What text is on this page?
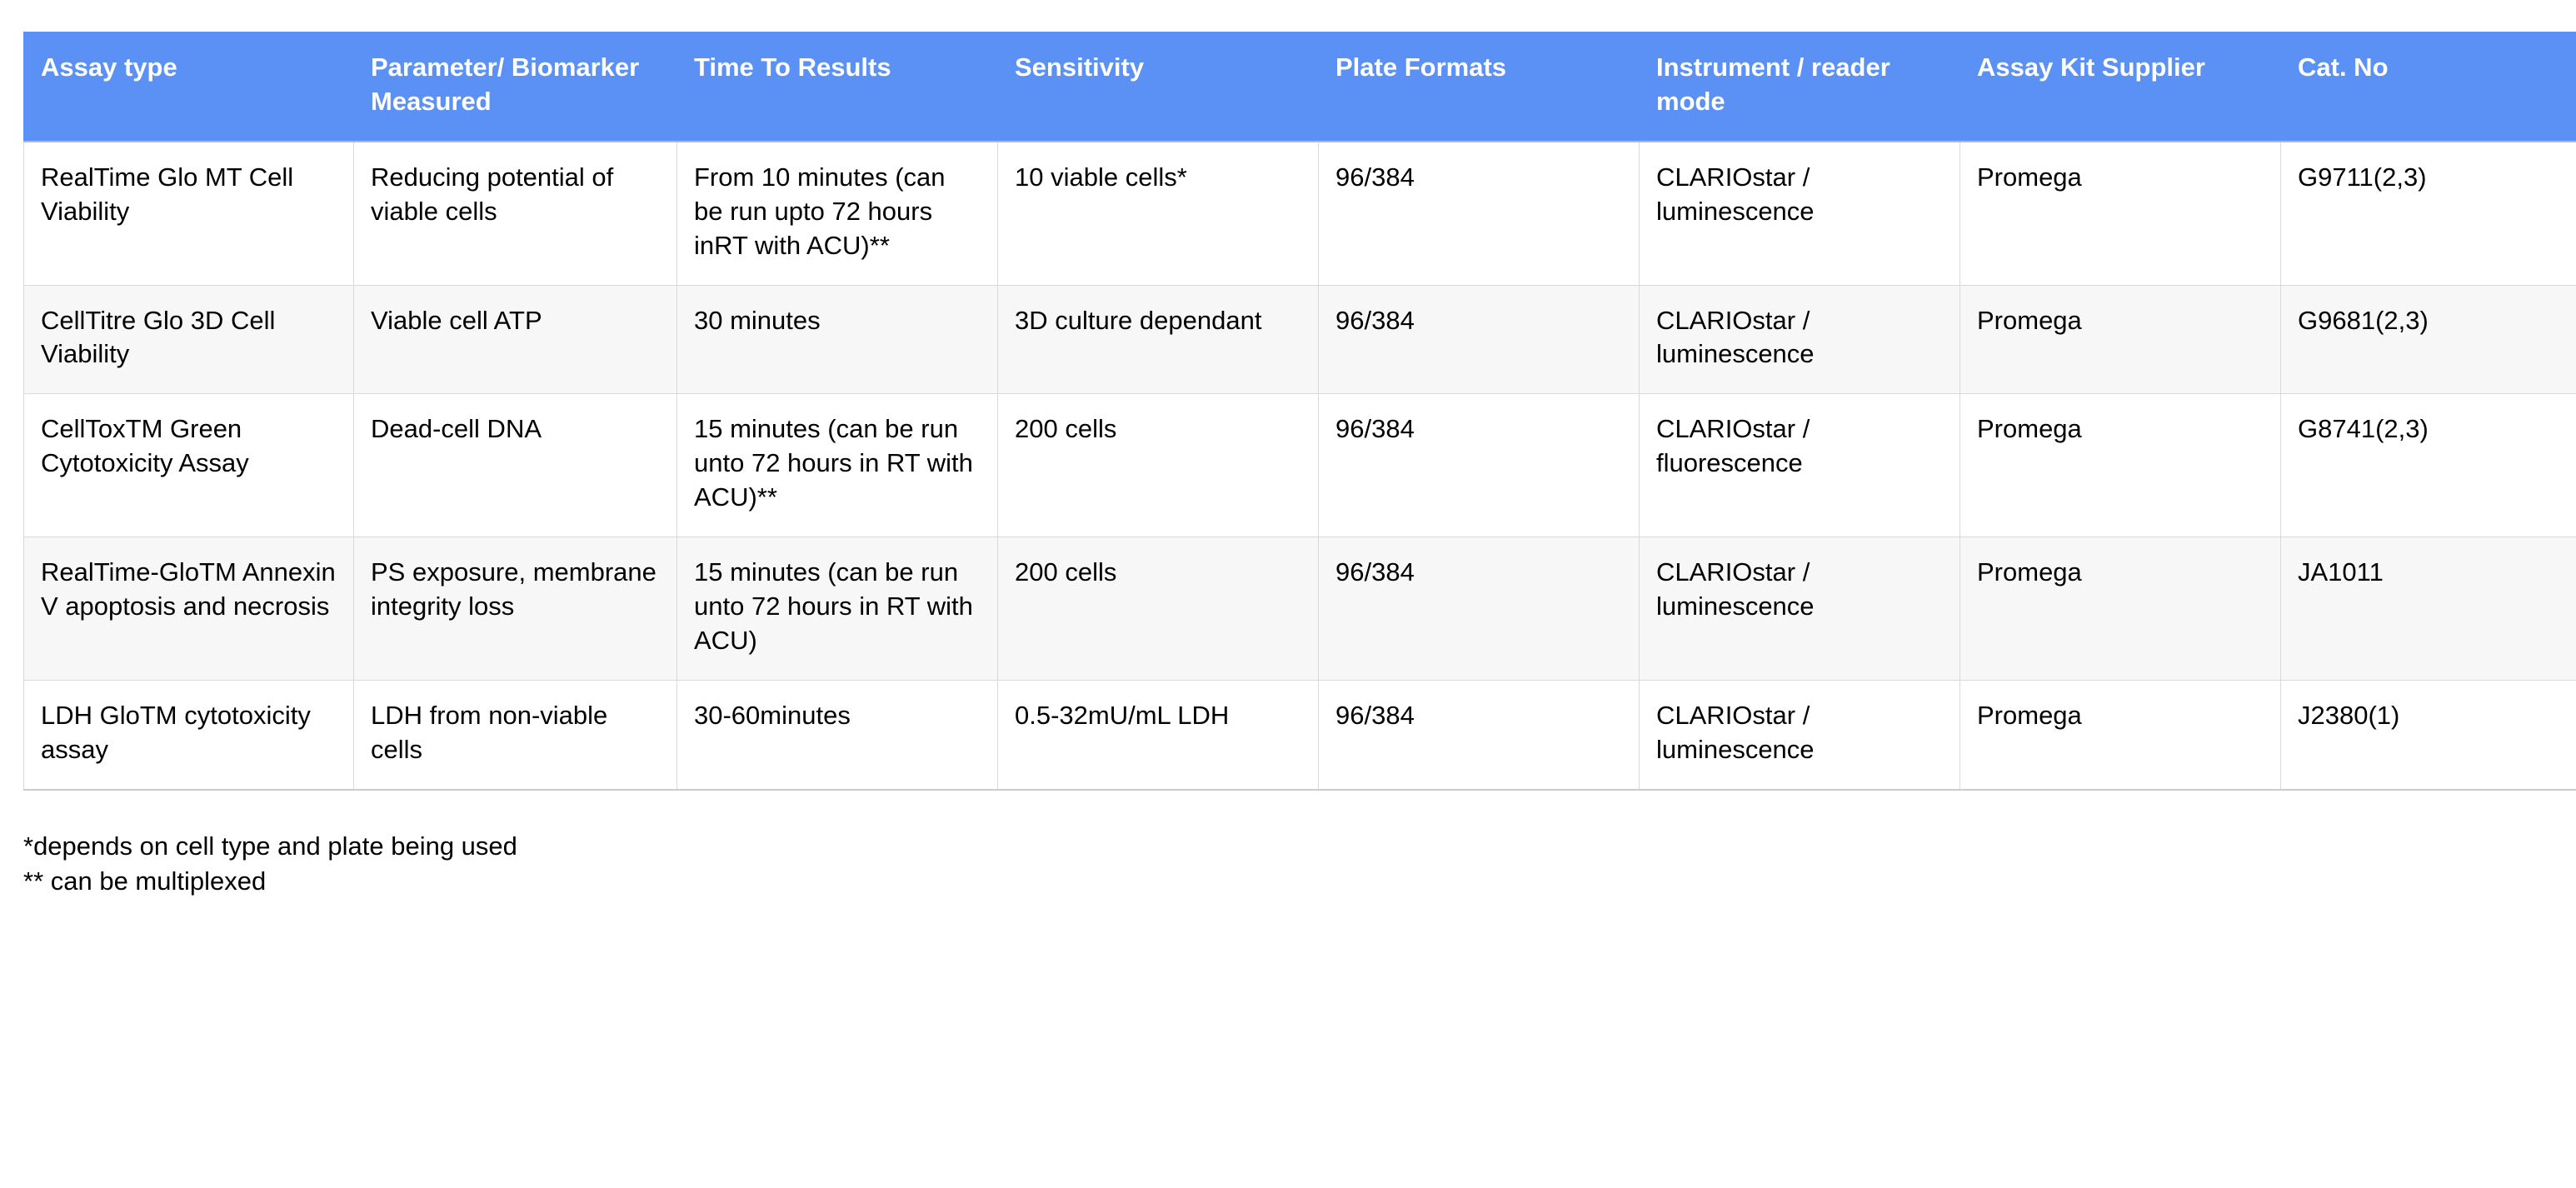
Assay type	Parameter/ Biomarker Measured	Time To Results	Sensitivity	Plate Formats	Instrument / reader mode	Assay Kit Supplier	Cat. No
RealTime Glo MT Cell Viability	Reducing potential of viable cells	From 10 minutes (can be run upto 72 hours inRT with ACU)**	10 viable cells*	96/384	CLARIOstar / luminescence	Promega	G9711(2,3)
CellTitre Glo 3D Cell Viability	Viable cell ATP	30 minutes	3D culture dependant	96/384	CLARIOstar / luminescence	Promega	G9681(2,3)
CellToxTM Green Cytotoxicity Assay	Dead-cell DNA	15 minutes (can be run unto 72 hours in RT with ACU)**	200 cells	96/384	CLARIOstar / fluorescence	Promega	G8741(2,3)
RealTime-GloTM Annexin V apoptosis and necrosis	PS exposure, membrane integrity loss	15 minutes (can be run unto 72 hours in RT with ACU)	200 cells	96/384	CLARIOstar / luminescence	Promega	JA1011
LDH GloTM cytotoxicity assay	LDH from non-viable cells	30-60minutes	0.5-32mU/mL LDH	96/384	CLARIOstar / luminescence	Promega	J2380(1)
*depends on cell type and plate being used
** can be multiplexed
